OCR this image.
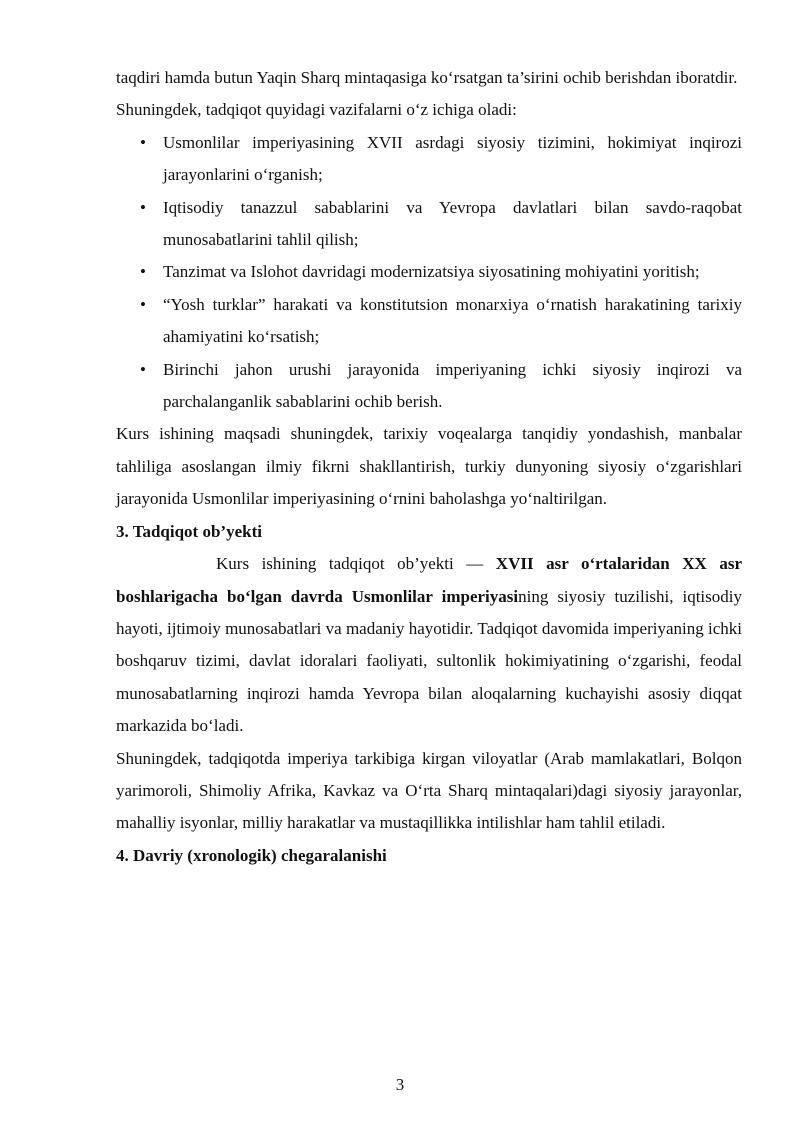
taqdiri hamda butun Yaqin Sharq mintaqasiga ko‘rsatgan ta’sirini ochib berishdan iboratdir.

Shuningdek, tadqiqot quyidagi vazifalarni o‘z ichiga oladi:

• Usmonlilar imperiyasining XVII asrdagi siyosiy tizimini, hokimiyat inqirozi jarayonlarini o‘rganish;
• Iqtisodiy tanazzul sabablarini va Yevropa davlatlari bilan savdo-raqobat munosabatlarini tahlil qilish;
• Tanzimat va Islohot davridagi modernizatsiya siyosatining mohiyatini yoritish;
• “Yosh turklar” harakati va konstitutsion monarxiya o‘rnatish harakatining tarixiy ahamiyatini ko‘rsatish;
• Birinchi jahon urushi jarayonida imperiyaning ichki siyosiy inqirozi va parchalanganlik sabablarini ochib berish.

Kurs ishining maqsadi shuningdek, tarixiy voqealarga tanqidiy yondashish, manbalar tahliliga asoslangan ilmiy fikrni shakllantirish, turkiy dunyoning siyosiy o‘zgarishlari jarayonida Usmonlilar imperiyasining o‘rnini baholashga yo‘naltirilgan.

3. Tadqiqot ob’yekti

Kurs ishining tadqiqot ob’yekti — XVII asr o‘rtalaridan XX asr boshlarigacha bo‘lgan davrda Usmonlilar imperiyasining siyosiy tuzilishi, iqtisodiy hayoti, ijtimoiy munosabatlari va madaniy hayotidir. Tadqiqot davomida imperiyaning ichki boshqaruv tizimi, davlat idoralari faoliyati, sultonlik hokimiyatining o‘zgarishi, feodal munosabatlarning inqirozi hamda Yevropa bilan aloqalarning kuchayishi asosiy diqqat markazida bo‘ladi.

Shuningdek, tadqiqotda imperiya tarkibiga kirgan viloyatlar (Arab mamlakatlari, Bolqon yarimoroli, Shimoliy Afrika, Kavkaz va O‘rta Sharq mintaqalari)dagi siyosiy jarayonlar, mahalliy isyonlar, milliy harakatlar va mustaqillikka intilishlar ham tahlil etiladi.

4. Davriy (xronologik) chegaralanishi

3
